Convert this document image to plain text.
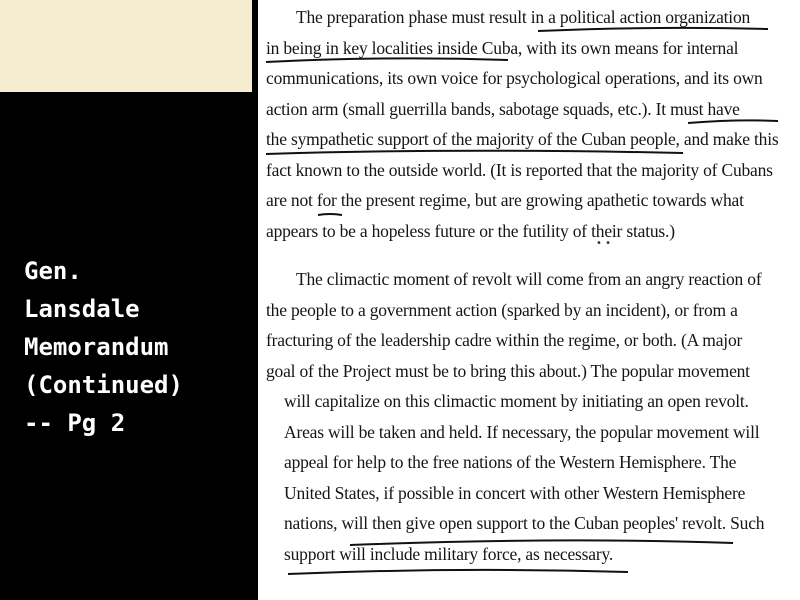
Gen.
Lansdale
Memorandum
(Continued)
-- Pg 2
The preparation phase must result in a political action organization
in being in key localities inside Cuba, with its own means for internal
communications, its own voice for psychological operations, and its own
action arm (small guerrilla bands, sabotage squads, etc.). It must have
the sympathetic support of the majority of the Cuban people, and make this
fact known to the outside world. (It is reported that the majority of Cubans
are not for the present regime, but are growing apathetic towards what
appears to be a hopeless future or the futility of their status.)
• •
The climactic moment of revolt will come from an angry reaction of
the people to a government action (sparked by an incident), or from a
fracturing of the leadership cadre within the regime, or both. (A major
goal of the Project must be to bring this about.) The popular movement
will capitalize on this climactic moment by initiating an open revolt.
Areas will be taken and held. If necessary, the popular movement will
appeal for help to the free nations of the Western Hemisphere. The
United States, if possible in concert with other Western Hemisphere
nations, will then give open support to the Cuban peoples' revolt. Such
support will include military force, as necessary.
